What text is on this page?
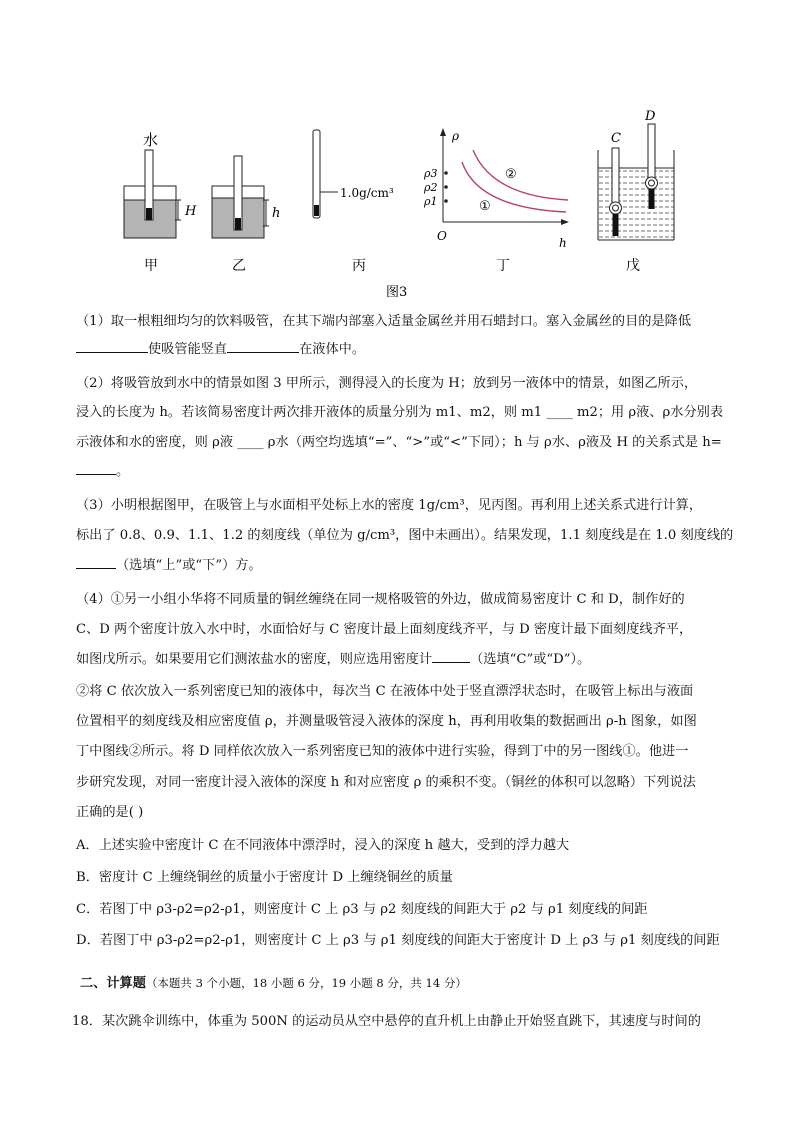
水
H
甲
h
乙
1.0g/cm³
丙
ρ
h
O
ρ3
ρ2
ρ1
②
①
丁
C
D
戊
图3
（1）取一根粗细均匀的饮料吸管，在其下端内部塞入适量金属丝并用石蜡封口。塞入金属丝的目的是降低
使吸管能竖直	在液体中。
（2）将吸管放到水中的情景如图 3 甲所示，测得浸入的长度为 H；放到另一液体中的情景，如图乙所示，
浸入的长度为 h。若该简易密度计两次排开液体的质量分别为 m1、m2，则 m1 ____ m2；用 ρ液、ρ水分别表
示液体和水的密度，则 ρ液 ____ ρ水（两空均选填“=”、“>”或“<”下同）；h 与 ρ水、ρ液及 H 的关系式是 h=
。
（3）小明根据图甲，在吸管上与水面相平处标上水的密度 1g/cm³，见丙图。再利用上述关系式进行计算，
标出了 0.8、0.9、1.1、1.2 的刻度线（单位为 g/cm³，图中未画出）。结果发现，1.1 刻度线是在 1.0 刻度线的
（选填“上”或“下”）方。
（4）①另一小组小华将不同质量的铜丝缠绕在同一规格吸管的外边，做成简易密度计 C 和 D，制作好的
C、D 两个密度计放入水中时，水面恰好与 C 密度计最上面刻度线齐平，与 D 密度计最下面刻度线齐平，
如图戊所示。如果要用它们测浓盐水的密度，则应选用密度计	（选填“C”或“D”）。
②将 C 依次放入一系列密度已知的液体中，每次当 C 在液体中处于竖直漂浮状态时，在吸管上标出与液面
位置相平的刻度线及相应密度值 ρ，并测量吸管浸入液体的深度 h，再利用收集的数据画出 ρ-h 图象，如图
丁中图线②所示。将 D 同样依次放入一系列密度已知的液体中进行实验，得到丁中的另一图线①。他进一
步研究发现，对同一密度计浸入液体的深度 h 和对应密度 ρ 的乘积不变。（铜丝的体积可以忽略）下列说法
正确的是( )
A．上述实验中密度计 C 在不同液体中漂浮时，浸入的深度 h 越大，受到的浮力越大
B．密度计 C 上缠绕铜丝的质量小于密度计 D 上缠绕铜丝的质量
C．若图丁中 ρ3-ρ2=ρ2-ρ1，则密度计 C 上 ρ3 与 ρ2 刻度线的间距大于 ρ2 与 ρ1 刻度线的间距
D．若图丁中 ρ3-ρ2=ρ2-ρ1，则密度计 C 上 ρ3 与 ρ1 刻度线的间距大于密度计 D 上 ρ3 与 ρ1 刻度线的间距
二、计算题（本题共 3 个小题，18 小题 6 分，19 小题 8 分，共 14 分）
18．某次跳伞训练中，体重为 500N 的运动员从空中悬停的直升机上由静止开始竖直跳下，其速度与时间的
